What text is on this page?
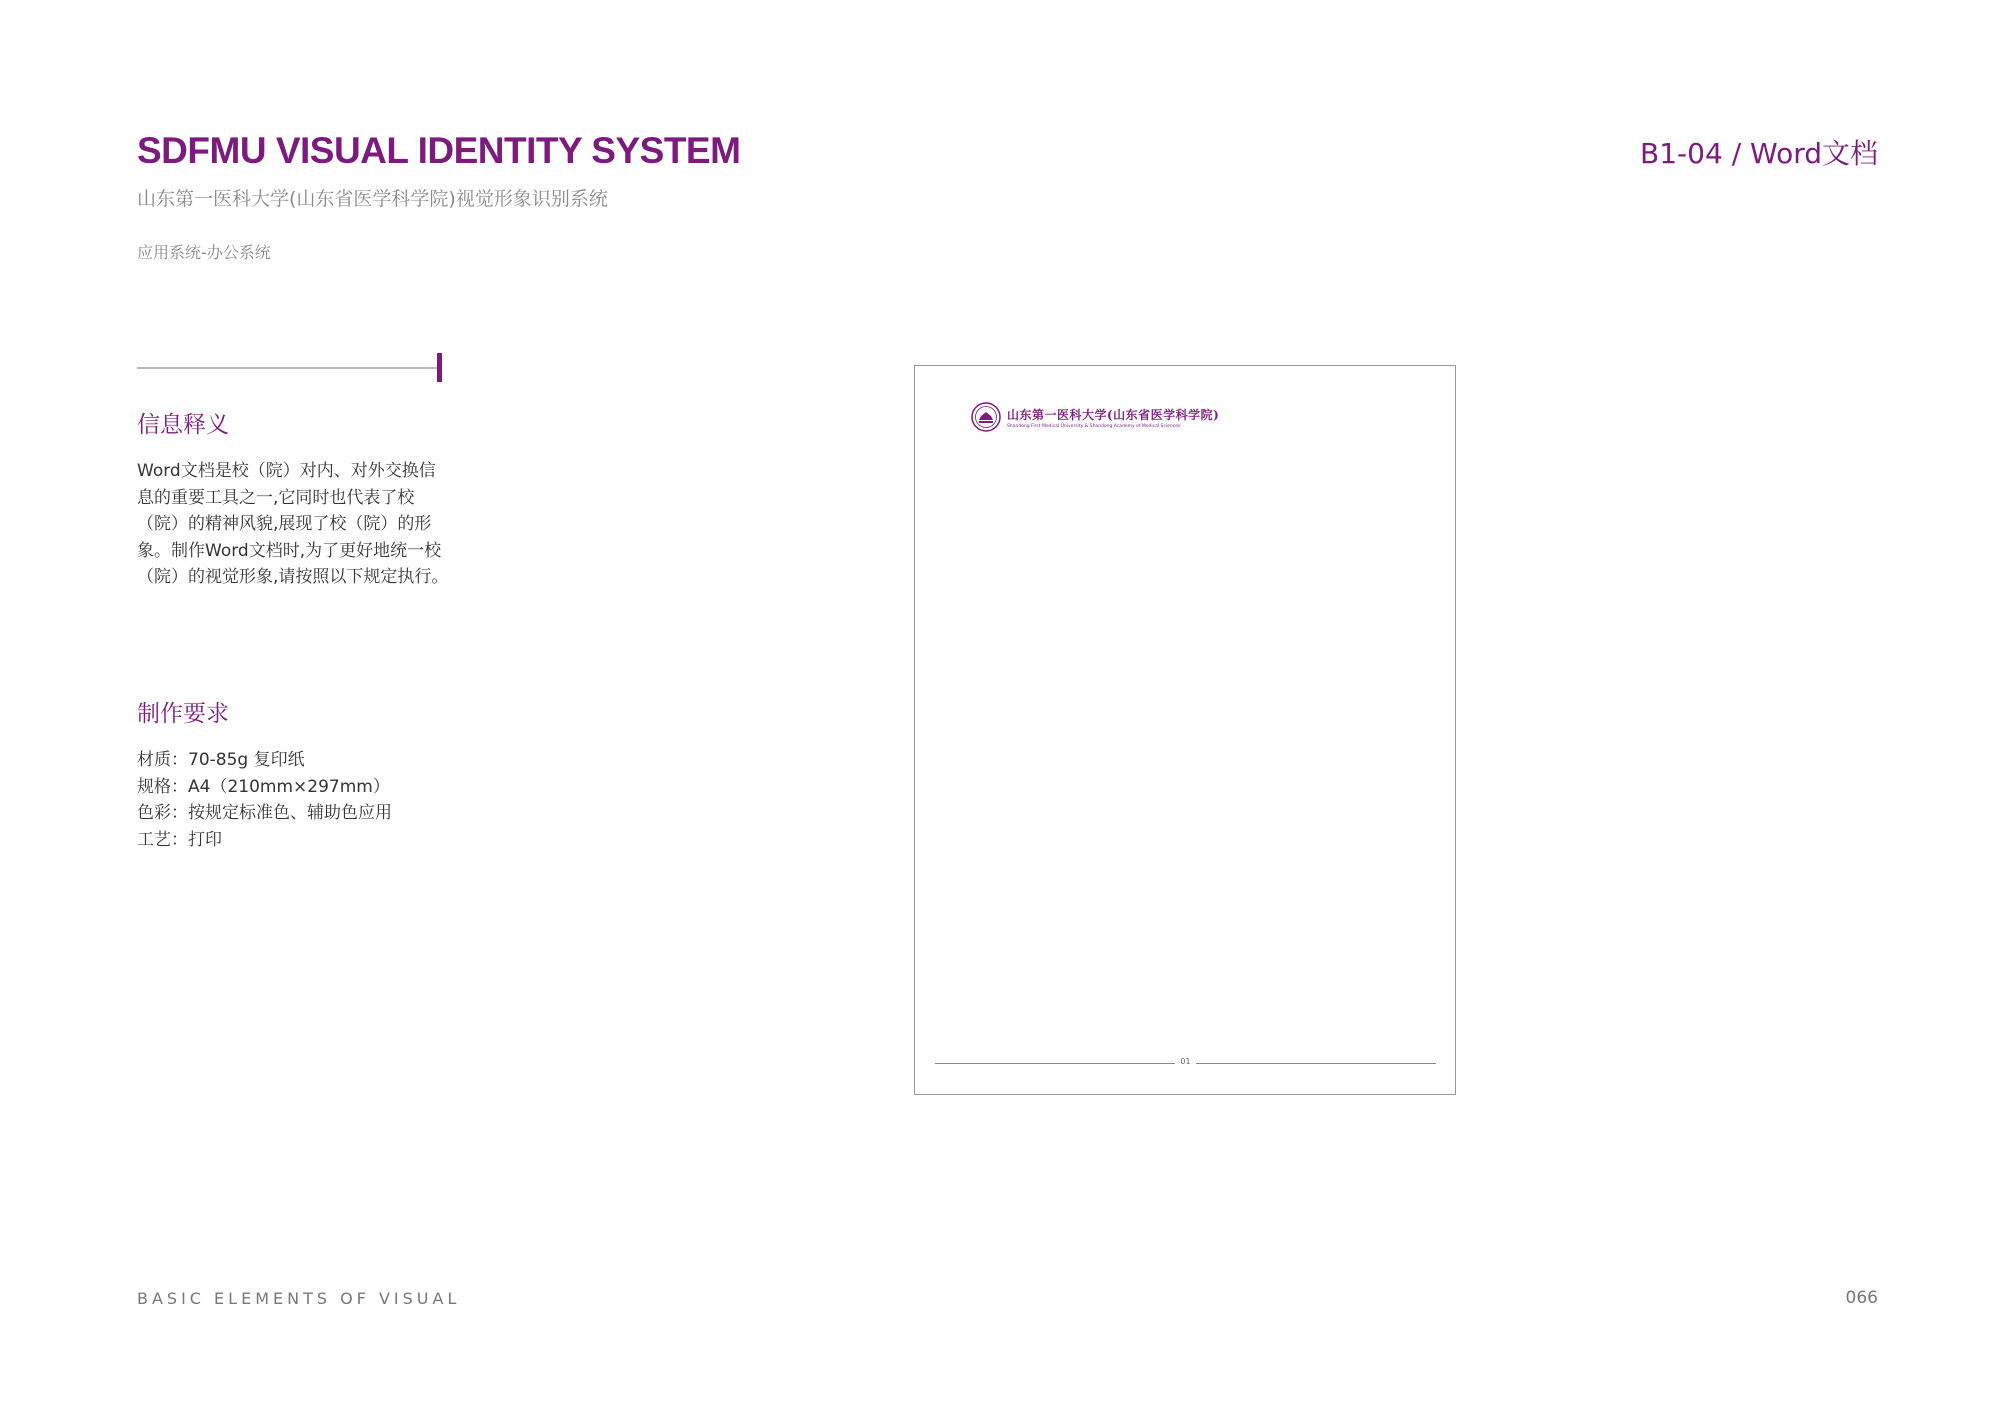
SDFMU VISUAL IDENTITY SYSTEM
山东第一医科大学(山东省医学科学院)视觉形象识别系统
应用系统-办公系统
B1-04 / Word文档
信息释义
Word文档是校（院）对内、对外交换信息的重要工具之一,它同时也代表了校（院）的精神风貌,展现了校（院）的形象。制作Word文档时,为了更好地统一校（院）的视觉形象,请按照以下规定执行。
制作要求
材质：70-85g 复印纸
规格：A4（210mm×297mm）
色彩：按规定标准色、辅助色应用
工艺：打印
山东第一医科大学(山东省医学科学院)
Shandong First Medical University & Shandong Academy of Medical Sciences
01
BASIC ELEMENTS OF VISUAL	066
